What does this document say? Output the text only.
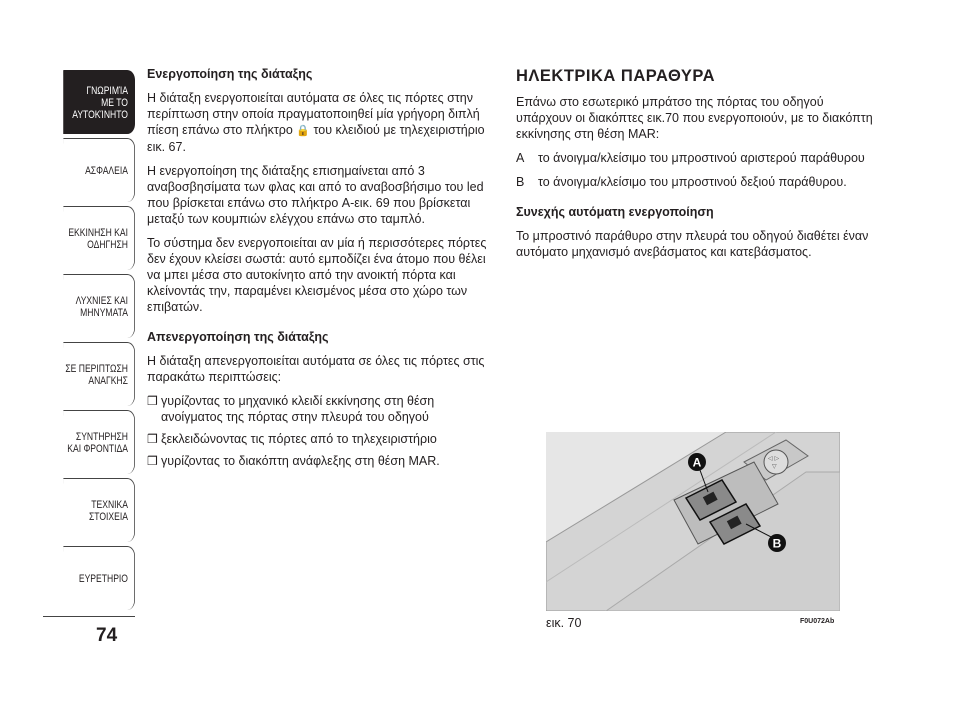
ΓΝΩΡΙΜΊΑ
ΜΕ ΤΟ
ΑΥΤΟΚΊΝΗΤΟ
ΑΣΦΑΛΕΙΑ
ΕΚΚΙΝΗΣΗ ΚΑΙ
ΟΔΗΓΗΣΗ
ΛΥΧΝΙΕΣ ΚΑΙ
ΜΗΝΥΜΑΤΑ
ΣΕ ΠΕΡΙΠΤΩΣΗ
ΑΝΑΓΚΗΣ
ΣΥΝΤΗΡΗΣΗ
ΚΑΙ ΦΡΟΝΤΙΔΑ
ΤΕΧΝΙΚΑ
ΣΤΟΙΧΕΙΑ
ΕΥΡΕΤΗΡΙΟ
74
Ενεργοποίηση της διάταξης

Η διάταξη ενεργοποιείται αυτόματα σε όλες τις πόρτες στην περίπτωση στην οποία πραγματοποιηθεί μία γρήγορη διπλή πίεση επάνω στο πλήκτρο 🔒 του κλειδιού με τηλεχειριστήριο εικ. 67.

Η ενεργοποίηση της διάταξης επισημαίνεται από 3 αναβοσβησίματα των φλας και από το αναβοσβήσιμο του led που βρίσκεται επάνω στο πλήκτρο A-εικ. 69 που βρίσκεται μεταξύ των κουμπιών ελέγχου επάνω στο ταμπλό.

Το σύστημα δεν ενεργοποιείται αν μία ή περισσότερες πόρτες δεν έχουν κλείσει σωστά: αυτό εμποδίζει ένα άτομο που θέλει να μπει μέσα στο αυτοκίνητο από την ανοικτή πόρτα και κλείνοντάς την, παραμένει κλεισμένος μέσα στο χώρο των επιβατών.

Απενεργοποίηση της διάταξης

Η διάταξη απενεργοποιείται αυτόματα σε όλες τις πόρτες στις παρακάτω περιπτώσεις:

❒ γυρίζοντας το μηχανικό κλειδί εκκίνησης στη θέση ανοίγματος της πόρτας στην πλευρά του οδηγού
❒ ξεκλειδώνοντας τις πόρτες από το τηλεχειριστήριο
❒ γυρίζοντας το διακόπτη ανάφλεξης στη θέση MAR.
ΗΛΕΚΤΡΙΚΑ ΠΑΡΑΘΥΡΑ

Επάνω στο εσωτερικό μπράτσο της πόρτας του οδηγού υπάρχουν οι διακόπτες εικ.70 που ενεργοποιούν, με το διακόπτη εκκίνησης στη θέση MAR:

A	το άνοιγμα/κλείσιμο του μπροστινού αριστερού παράθυρου
B	το άνοιγμα/κλείσιμο του μπροστινού δεξιού παράθυρου.
Συνεχής αυτόματη ενεργοποίηση

Το μπροστινό παράθυρο στην πλευρά του οδηγού διαθέτει έναν αυτόματο μηχανισμό ανεβάσματος και κατεβάσματος.

◁ ▷
▽
A
B
εικ. 70	F0U072Ab
